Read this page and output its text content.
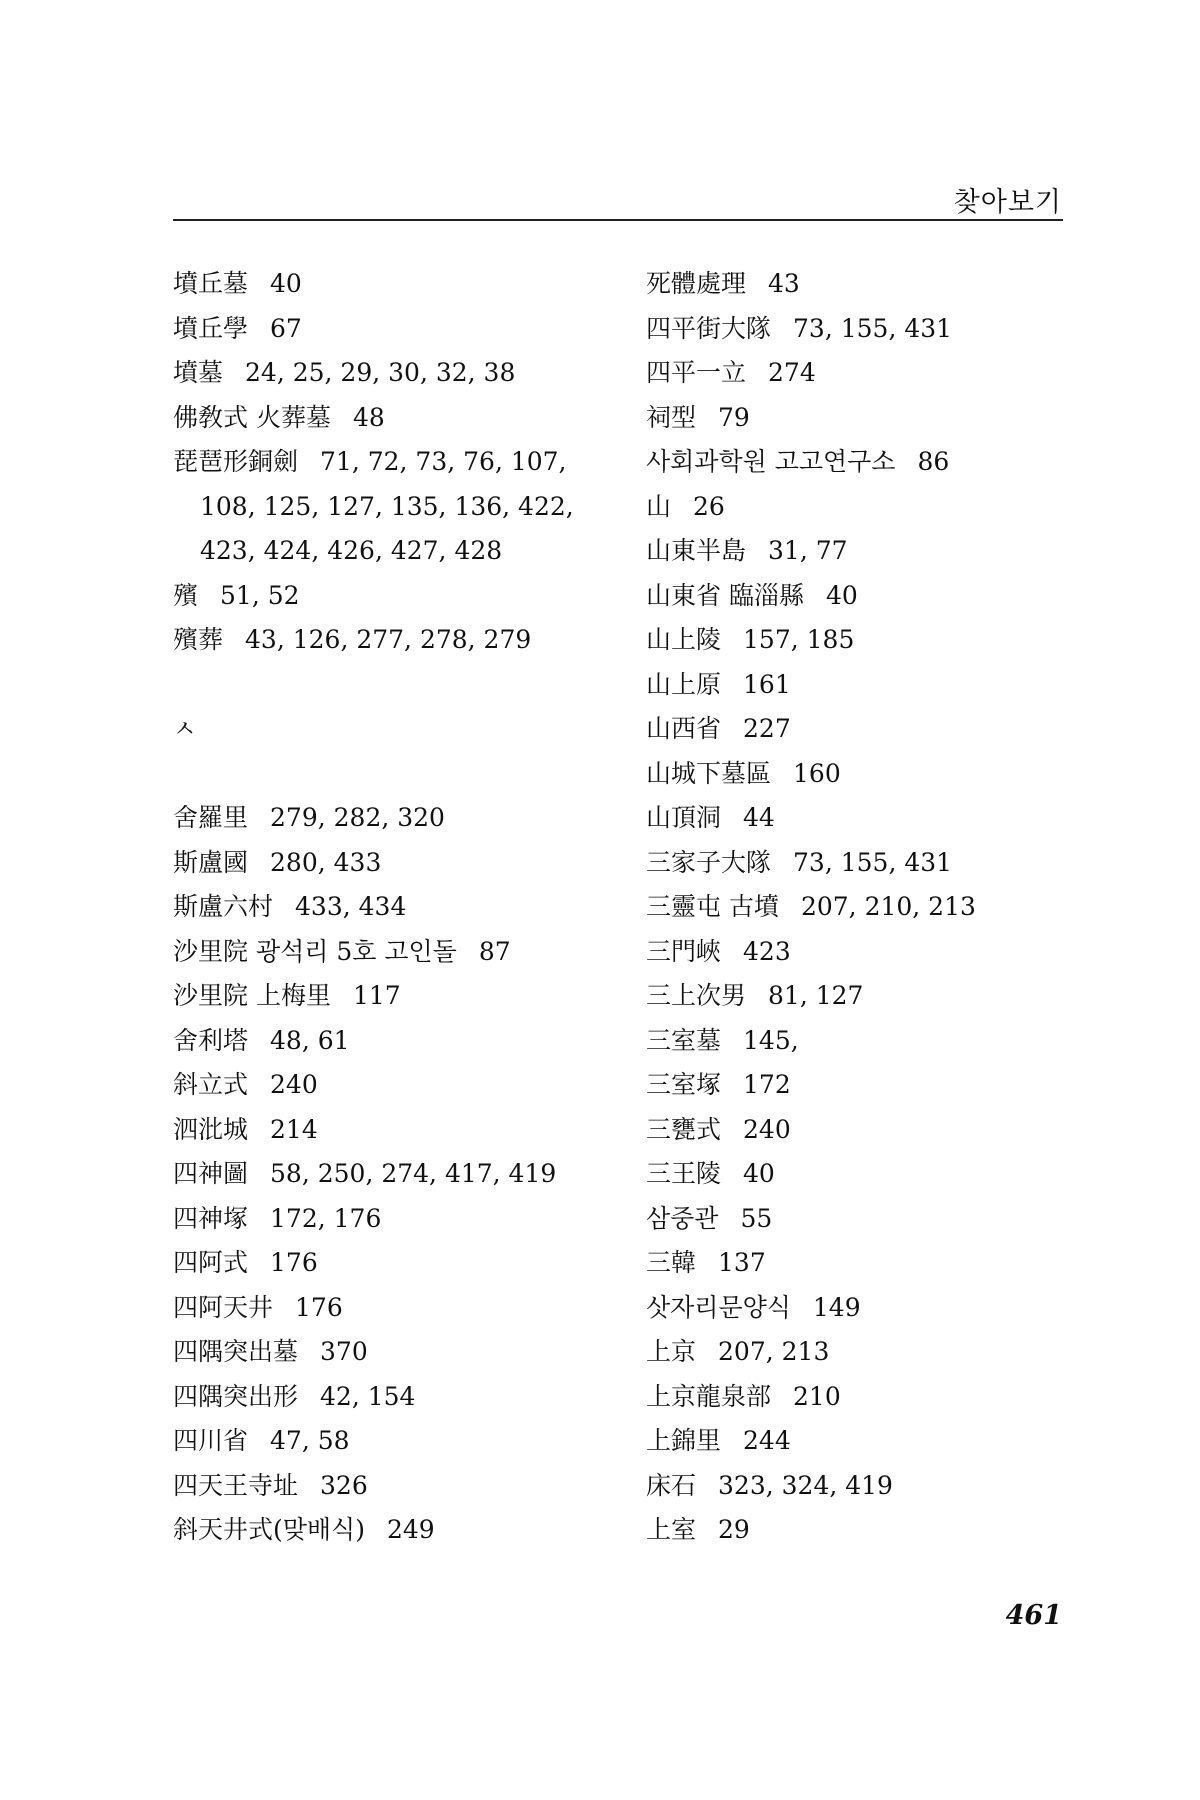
찾아보기
墳丘墓 40
墳丘學 67
墳墓 24, 25, 29, 30, 32, 38
佛敎式 火葬墓 48
琵琶形銅劍 71, 72, 73, 76, 107, 108, 125, 127, 135, 136, 422, 423, 424, 426, 427, 428
殯 51, 52
殯葬 43, 126, 277, 278, 279
ㅅ
舍羅里 279, 282, 320
斯盧國 280, 433
斯盧六村 433, 434
沙里院 광석리 5호 고인돌 87
沙里院 上梅里 117
舍利塔 48, 61
斜立式 240
泗沘城 214
四神圖 58, 250, 274, 417, 419
四神塚 172, 176
四阿式 176
四阿天井 176
四隅突出墓 370
四隅突出形 42, 154
四川省 47, 58
四天王寺址 326
斜天井式(맞배식) 249
死體處理 43
四平街大隊 73, 155, 431
四平一立 274
祠型 79
사회과학원 고고연구소 86
山 26
山東半島 31, 77
山東省 臨淄縣 40
山上陵 157, 185
山上原 161
山西省 227
山城下墓區 160
山頂洞 44
三家子大隊 73, 155, 431
三靈屯 古墳 207, 210, 213
三門峽 423
三上次男 81, 127
三室墓 145,
三室塚 172
三甕式 240
三王陵 40
삼중관 55
三韓 137
삿자리문양식 149
上京 207, 213
上京龍泉部 210
上錦里 244
床石 323, 324, 419
上室 29
461
